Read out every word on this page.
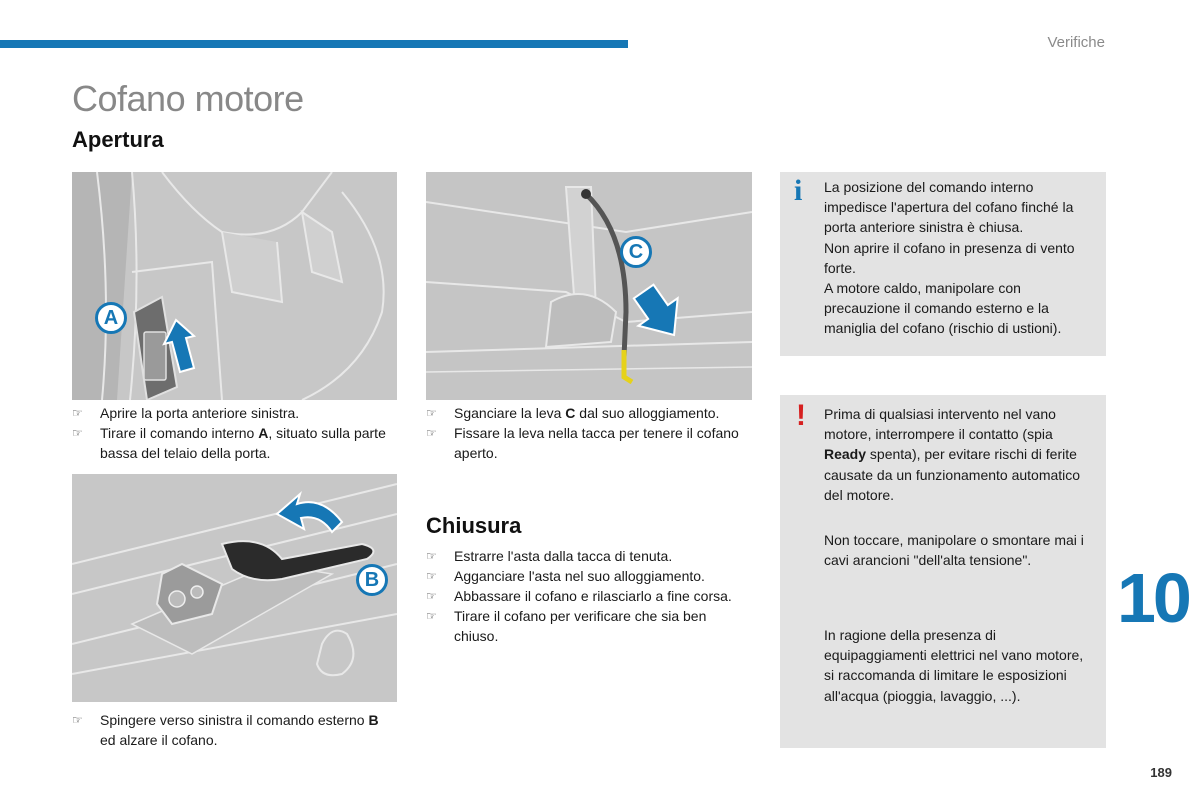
Verifiche
Cofano motore
Apertura
A
C
i La posizione del comando interno impedisce l'apertura del cofano finché la porta anteriore sinistra è chiusa.
Non aprire il cofano in presenza di vento forte.
A motore caldo, manipolare con precauzione il comando esterno e la maniglia del cofano (rischio di ustioni).

☞ Aprire la porta anteriore sinistra.
☞ Tirare il comando interno A, situato sulla parte bassa del telaio della porta.
☞ Sganciare la leva C dal suo alloggiamento.
☞ Fissare la leva nella tacca per tenere il cofano aperto.
! Prima di qualsiasi intervento nel vano motore, interrompere il contatto (spia Ready spenta), per evitare rischi di ferite causate da un funzionamento automatico del motore.

Non toccare, manipolare o smontare mai i cavi arancioni "dell'alta tensione".

In ragione della presenza di equipaggiamenti elettrici nel vano motore, si raccomanda di limitare le esposizioni all'acqua (pioggia, lavaggio, ...).

B
Chiusura
☞ Estrarre l'asta dalla tacca di tenuta.
☞ Agganciare l'asta nel suo alloggiamento.
☞ Abbassare il cofano e rilasciarlo a fine corsa.
☞ Tirare il cofano per verificare che sia ben chiuso.
☞ Spingere verso sinistra il comando esterno B ed alzare il cofano.
10
189
